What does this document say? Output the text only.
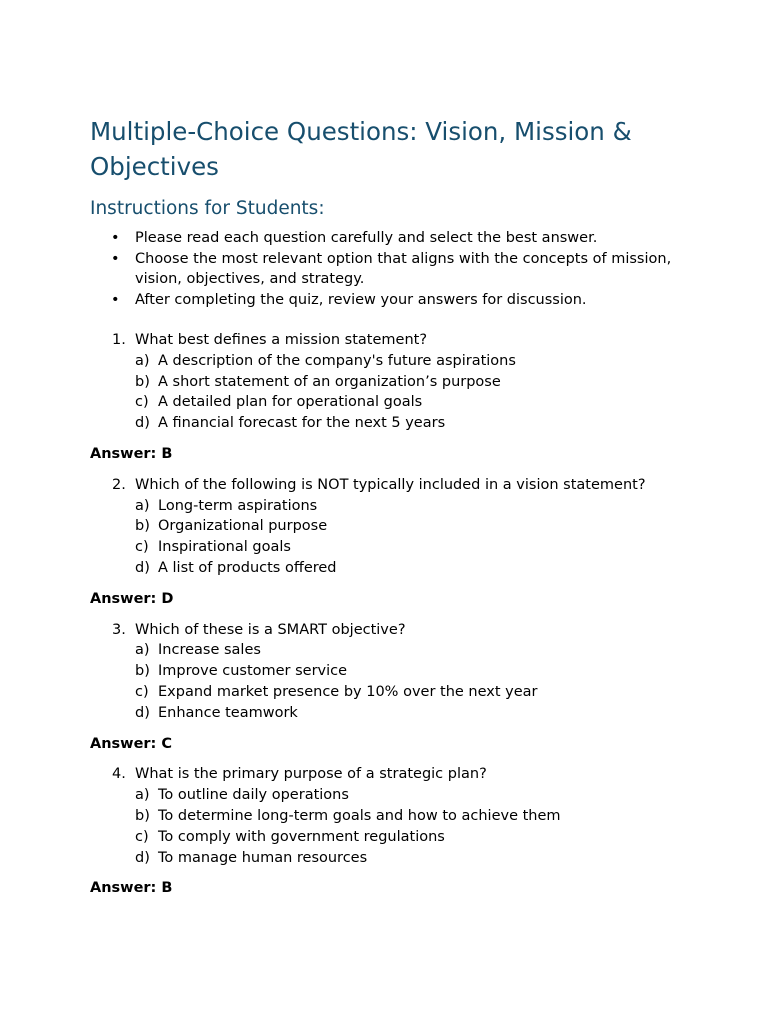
Multiple-Choice Questions: Vision, Mission & Objectives
Instructions for Students:
• Please read each question carefully and select the best answer.
• Choose the most relevant option that aligns with the concepts of mission, vision, objectives, and strategy.
• After completing the quiz, review your answers for discussion.
1. What best defines a mission statement?
a) A description of the company's future aspirations
b) A short statement of an organization’s purpose
c) A detailed plan for operational goals
d) A financial forecast for the next 5 years
Answer: B
2. Which of the following is NOT typically included in a vision statement?
a) Long-term aspirations
b) Organizational purpose
c) Inspirational goals
d) A list of products offered
Answer: D
3. Which of these is a SMART objective?
a) Increase sales
b) Improve customer service
c) Expand market presence by 10% over the next year
d) Enhance teamwork
Answer: C
4. What is the primary purpose of a strategic plan?
a) To outline daily operations
b) To determine long-term goals and how to achieve them
c) To comply with government regulations
d) To manage human resources
Answer: B
